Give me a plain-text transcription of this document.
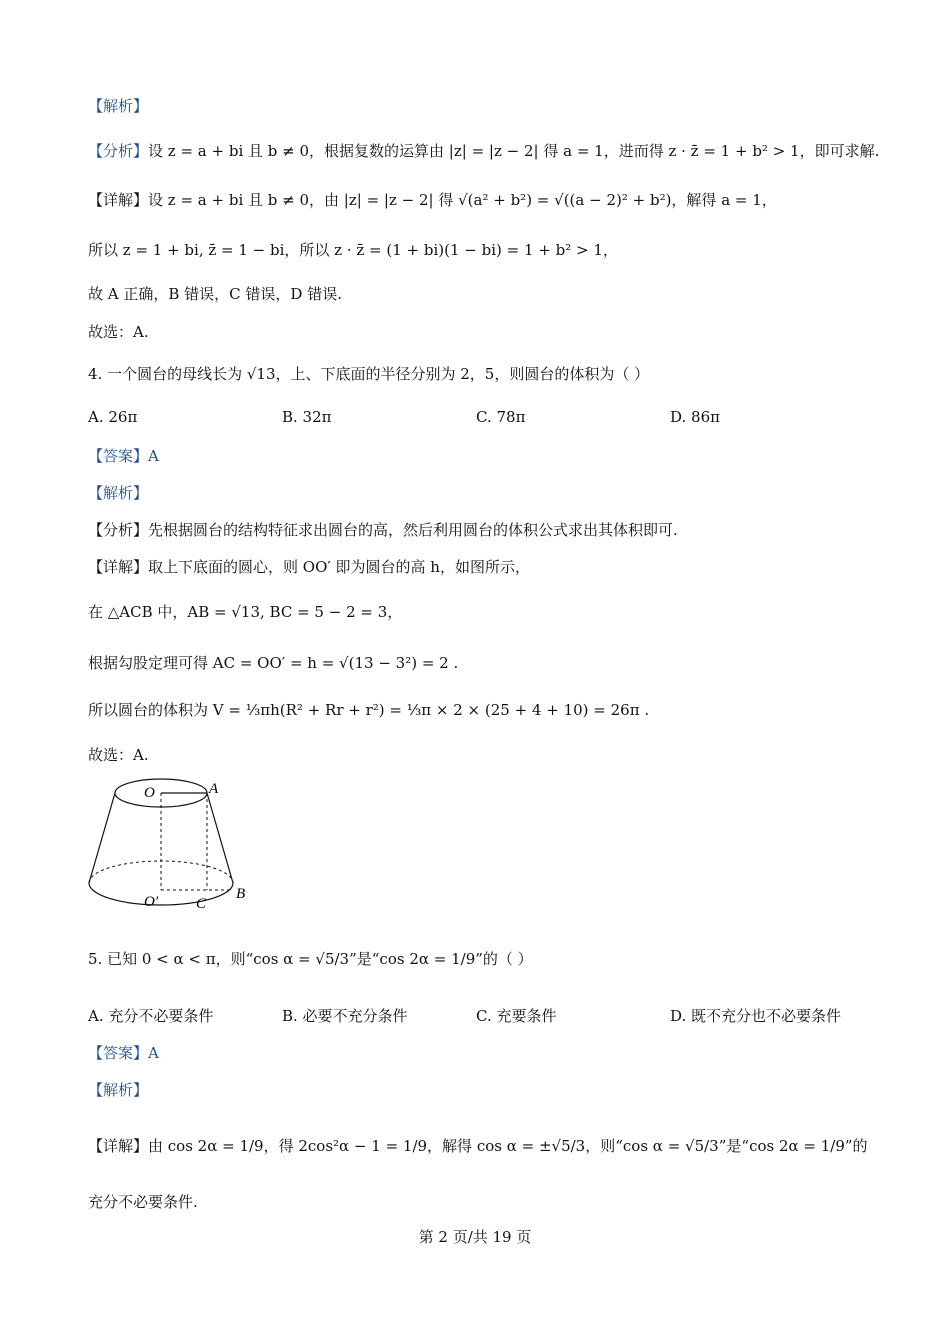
【解析】
【分析】设 z = a + bi 且 b ≠ 0，根据复数的运算由 |z| = |z − 2| 得 a = 1，进而得 z · z̄ = 1 + b² > 1，即可求解.
【详解】设 z = a + bi 且 b ≠ 0，由 |z| = |z − 2| 得 √(a² + b²) = √((a − 2)² + b²)，解得 a = 1，
所以 z = 1 + bi, z̄ = 1 − bi，所以 z · z̄ = (1 + bi)(1 − bi) = 1 + b² > 1，
故 A 正确，B 错误，C 错误，D 错误.
故选：A.
4. 一个圆台的母线长为 √13，上、下底面的半径分别为 2，5，则圆台的体积为（ ）
A. 26π	B. 32π	C. 78π	D. 86π
【答案】A
【解析】
【分析】先根据圆台的结构特征求出圆台的高，然后利用圆台的体积公式求出其体积即可.
【详解】取上下底面的圆心，则 OO′ 即为圆台的高 h，如图所示，
在 △ACB 中，AB = √13, BC = 5 − 2 = 3，
根据勾股定理可得 AC = OO′ = h = √(13 − 3²) = 2 .
所以圆台的体积为 V = ⅓πh(R² + Rr + r²) = ⅓π × 2 × (25 + 4 + 10) = 26π .
故选：A.
O	A
O′	C
B
5. 已知 0 < α < π，则“cos α = √5/3”是“cos 2α = 1/9”的（ ）
A. 充分不必要条件	B. 必要不充分条件	C. 充要条件	D. 既不充分也不必要条件
【答案】A
【解析】
【详解】由 cos 2α = 1/9，得 2cos²α − 1 = 1/9，解得 cos α = ±√5/3，则“cos α = √5/3”是“cos 2α = 1/9”的
充分不必要条件.
第 2 页/共 19 页
